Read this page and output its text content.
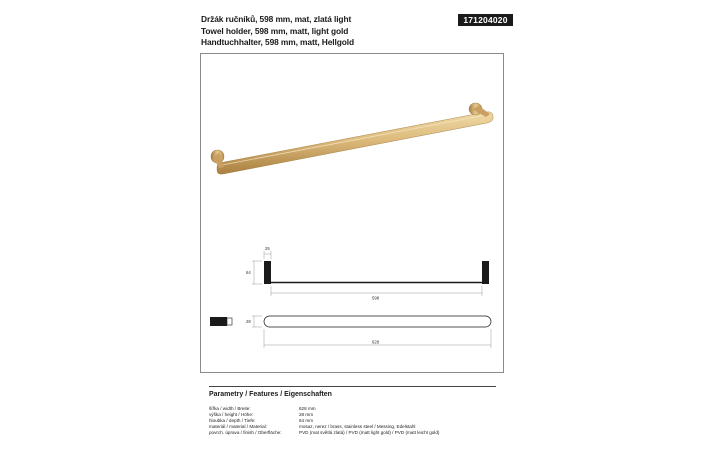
Držák ručníků, 598 mm, mat, zlatá light
Towel holder, 598 mm, matt, light gold
Handtuchhalter, 598 mm, matt, Hellgold
171204020
25
64
598
28
628
Parametry / Features / Eigenschaften
šířka / width / Breite:	628 mm
výška / height / Höhe:	28 mm
hloubka / depth / Tiefe:	64 mm
materiál / material / Material:	mosaz, nerez / brass, stainless steel / Messing, Edelstahl
povrch. úprava / finish / Oberfläche:	PVD (mat světlá zlatá) / PVD (matt light gold) / PVD (matt leicht gold)
